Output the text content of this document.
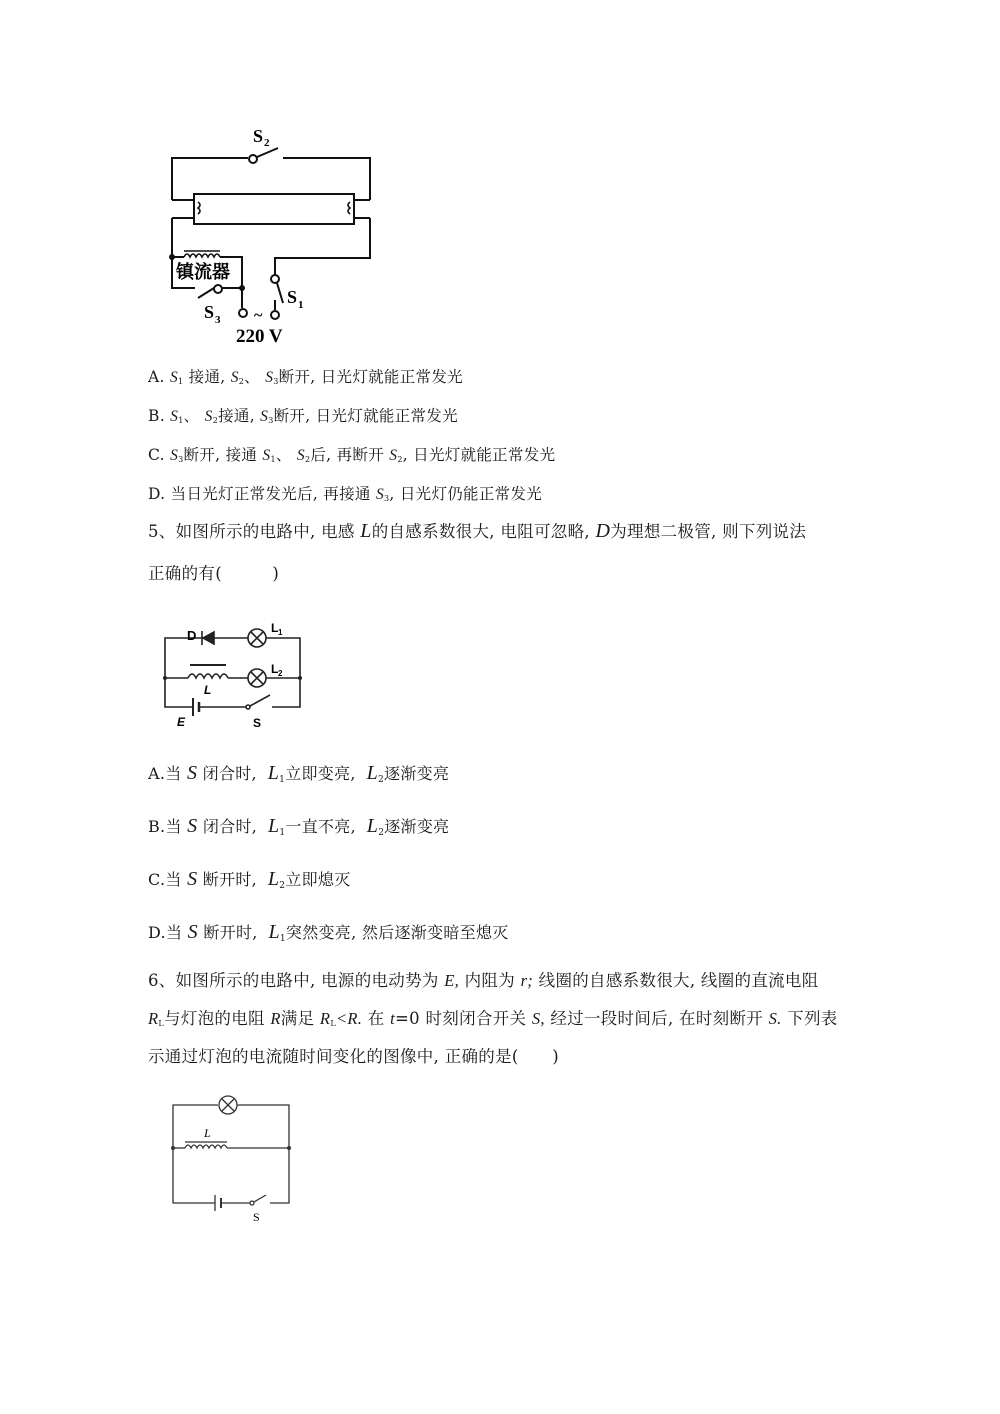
S 2
镇流器
S 1
S 3 ~
220 V
A. $S_1$ 接通, $S_2$、 $S_3$断开, 日光灯就能正常发光
B. $S_1$、 $S_2$接通, $S_3$断开, 日光灯就能正常发光
C. $S_3$断开, 接通 $S_1$、 $S_2$后, 再断开 $S_2$, 日光灯就能正常发光
D. 当日光灯正常发光后, 再接通 $S_3$, 日光灯仍能正常发光
5、如图所示的电路中, 电感 L的自感系数很大, 电阻可忽略, D为理想二极管, 则下列说法
正确的有(　　　)
D	L 1
L 2
L
E	S
A.当 S 闭合时, $L_1$立即变亮, $L_2$逐渐变亮
B.当 S 闭合时, $L_1$一直不亮, $L_2$逐渐变亮
C.当 S 断开时, $L_2$立即熄灭
D.当 S 断开时, $L_1$突然变亮, 然后逐渐变暗至熄灭
6、如图所示的电路中, 电源的电动势为 E, 内阻为 r; 线圈的自感系数很大, 线圈的直流电阻
$R_L$与灯泡的电阻 R满足 $R_L<R$. 在 t=0 时刻闭合开关 S, 经过一段时间后, 在时刻断开 S. 下列表
示通过灯泡的电流随时间变化的图像中, 正确的是(　　)
L
S
